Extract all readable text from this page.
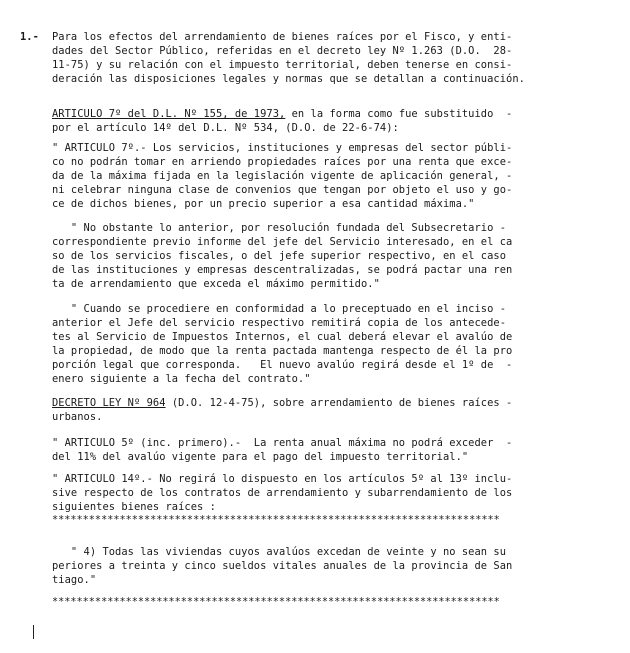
1.- Para los efectos del arrendamiento de bienes raíces por el Fisco, y enti-
dades del Sector Público, referidas en el decreto ley Nº 1.263 (D.O.  28-
11-75) y su relación con el impuesto territorial, deben tenerse en consi-
deración las disposiciones legales y normas que se detallan a continuación.
ARTICULO 7º del D.L. Nº 155, de 1973, en la forma como fue substituido  -
por el artículo 14º del D.L. Nº 534, (D.O. de 22-6-74):
" ARTICULO 7º.- Los servicios, instituciones y empresas del sector públi-
co no podrán tomar en arriendo propiedades raíces por una renta que exce-
da de la máxima fijada en la legislación vigente de aplicación general, -
ni celebrar ninguna clase de convenios que tengan por objeto el uso y go-
ce de dichos bienes, por un precio superior a esa cantidad máxima."
" No obstante lo anterior, por resolución fundada del Subsecretario -
correspondiente previo informe del jefe del Servicio interesado, en el ca
so de los servicios fiscales, o del jefe superior respectivo, en el caso
de las instituciones y empresas descentralizadas, se podrá pactar una ren
ta de arrendamiento que exceda el máximo permitido."
" Cuando se procediere en conformidad a lo preceptuado en el inciso -
anterior el Jefe del servicio respectivo remitirá copia de los antecede-
tes al Servicio de Impuestos Internos, el cual deberá elevar el avalúo de
la propiedad, de modo que la renta pactada mantenga respecto de él la pro
porción legal que corresponda.   El nuevo avalúo regirá desde el 1º de  -
enero siguiente a la fecha del contrato."
DECRETO LEY Nº 964 (D.O. 12-4-75), sobre arrendamiento de bienes raíces -
urbanos.
" ARTICULO 5º (inc. primero).-  La renta anual máxima no podrá exceder  -
del 11% del avalúo vigente para el pago del impuesto territorial."
" ARTICULO 14º.- No regirá lo dispuesto en los artículos 5º al 13º inclu-
sive respecto de los contratos de arrendamiento y subarrendamiento de los
siguientes bienes raíces :
*************************************************************************
" 4) Todas las viviendas cuyos avalúos excedan de veinte y no sean su
periores a treinta y cinco sueldos vitales anuales de la provincia de San
tiago."
*************************************************************************
